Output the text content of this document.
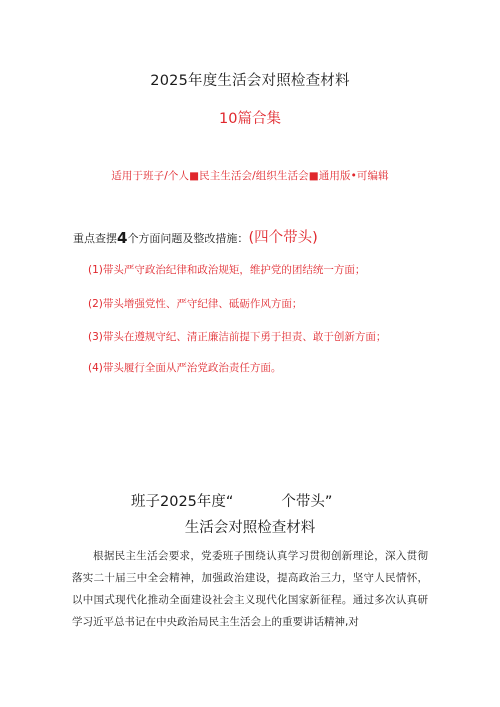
2025年度生活会对照检查材料
10篇合集
适用于班子/个人■民主生活会/组织生活会■通用版•可编辑
重点查摆4个方面问题及整改措施：(四个带头)
(1)带头严守政治纪律和政治规矩，维护党的团结统一方面；
(2)带头增强党性、严守纪律、砥砺作风方面；
(3)带头在遵规守纪、清正廉洁前提下勇于担责、敢于创新方面；
(4)带头履行全面从严治党政治责任方面。
班子2025年度“	个带头”
生活会对照检查材料
根据民主生活会要求，党委班子围绕认真学习贯彻创新理论，深入贯彻落实二十届三中全会精神，加强政治建设，提高政治三力，坚守人民情怀，以中国式现代化推动全面建设社会主义现代化国家新征程。通过多次认真研学习近平总书记在中央政治局民主生活会上的重要讲话精神,对
